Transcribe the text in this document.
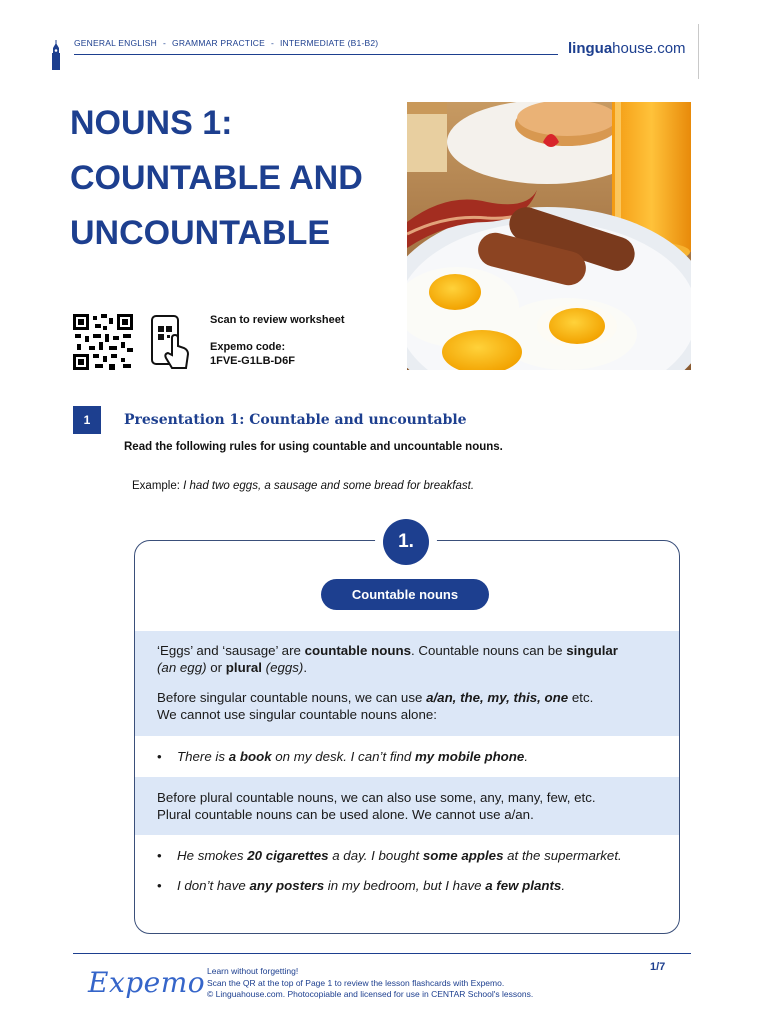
GENERAL ENGLISH - GRAMMAR PRACTICE - INTERMEDIATE (B1-B2)	linguahouse.com
NOUNS 1:
COUNTABLE AND
UNCOUNTABLE
Scan to review worksheet
Expemo code:
1FVE-G1LB-D6F
1	Presentation 1: Countable and uncountable
Read the following rules for using countable and uncountable nouns.
Example: I had two eggs, a sausage and some bread for breakfast.
1.
Countable nouns
‘Eggs’ and ‘sausage’ are countable nouns. Countable nouns can be singular
(an egg) or plural (eggs).
Before singular countable nouns, we can use a/an, the, my, this, one etc.
We cannot use singular countable nouns alone:
• There is a book on my desk. I can’t find my mobile phone.
Before plural countable nouns, we can also use some, any, many, few, etc.
Plural countable nouns can be used alone. We cannot use a/an.
• He smokes 20 cigarettes a day. I bought some apples at the supermarket.
• I don’t have any posters in my bedroom, but I have a few plants.
Expemo Learn without forgetting!
Scan the QR at the top of Page 1 to review the lesson flashcards with Expemo.
© Linguahouse.com. Photocopiable and licensed for use in CENTAR School's lessons.
1/7
